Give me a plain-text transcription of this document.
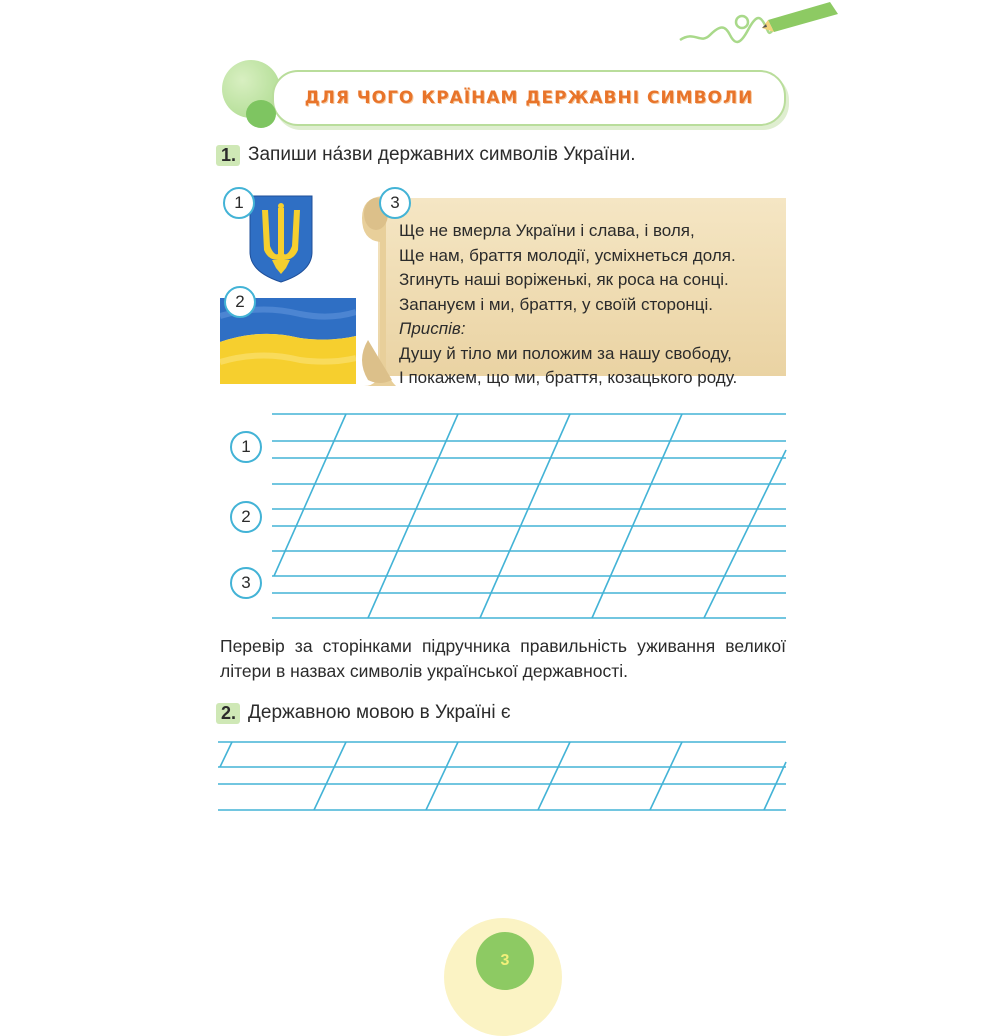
ДЛЯ ЧОГО КРАЇНАМ ДЕРЖАВНІ СИМВОЛИ
1. Запиши на́зви державних символів України.
1
2
3
Ще не вмерла України і слава, і воля,
Ще нам, браття молодії, усміхнеться доля.
Згинуть наші воріженькі, як роса на сонці.
Запануєм і ми, браття, у своїй сторонці.
Приспів:
Душу й тіло ми положим за нашу свободу,
І покажем, що ми, браття, козацького роду.
1
2
3
Перевір за сторінками підручника правильність уживання великої літери в назвах символів української державності.
2. Державною мовою в Україні є
3
